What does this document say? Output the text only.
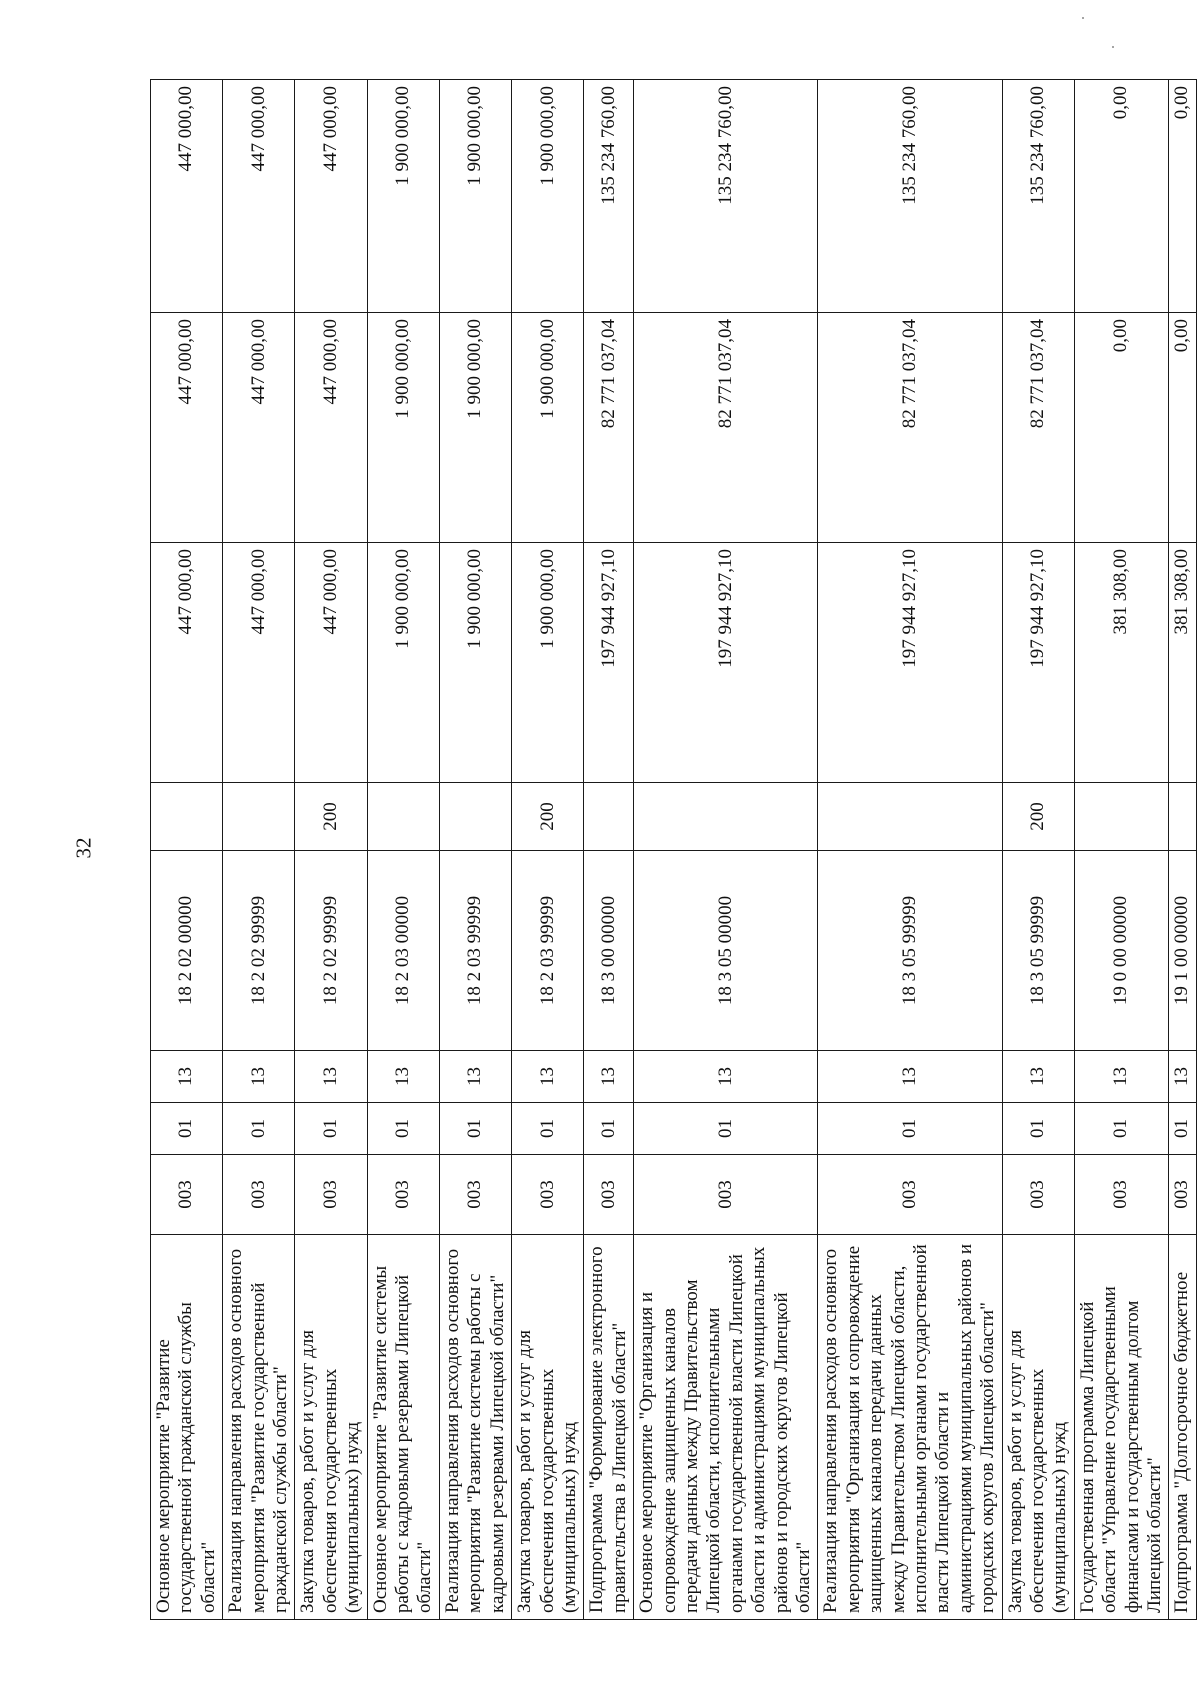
32
Основное мероприятие "Развитие государственной гражданской службы области"	003	01	13	18 2 02 00000		447 000,00	447 000,00	447 000,00
Реализация направления расходов основного мероприятия "Развитие государственной гражданской службы области"	003	01	13	18 2 02 99999		447 000,00	447 000,00	447 000,00
Закупка товаров, работ и услуг для обеспечения государственных (муниципальных) нужд	003	01	13	18 2 02 99999	200	447 000,00	447 000,00	447 000,00
Основное мероприятие "Развитие системы работы с кадровыми резервами Липецкой области"	003	01	13	18 2 03 00000		1 900 000,00	1 900 000,00	1 900 000,00
Реализация направления расходов основного мероприятия "Развитие системы работы с кадровыми резервами Липецкой области"	003	01	13	18 2 03 99999		1 900 000,00	1 900 000,00	1 900 000,00
Закупка товаров, работ и услуг для обеспечения государственных (муниципальных) нужд	003	01	13	18 2 03 99999	200	1 900 000,00	1 900 000,00	1 900 000,00
Подпрограмма "Формирование электронного правительства в Липецкой области"	003	01	13	18 3 00 00000		197 944 927,10	82 771 037,04	135 234 760,00
Основное мероприятие "Организация и сопровождение защищенных каналов передачи данных между Правительством Липецкой области, исполнительными органами государственной власти Липецкой области и администрациями муниципальных районов и городских округов Липецкой области"	003	01	13	18 3 05 00000		197 944 927,10	82 771 037,04	135 234 760,00
Реализация направления расходов основного мероприятия "Организация и сопровождение защищенных каналов передачи данных между Правительством Липецкой области, исполнительными органами государственной власти Липецкой области и администрациями муниципальных районов и городских округов Липецкой области"	003	01	13	18 3 05 99999		197 944 927,10	82 771 037,04	135 234 760,00
Закупка товаров, работ и услуг для обеспечения государственных (муниципальных) нужд	003	01	13	18 3 05 99999	200	197 944 927,10	82 771 037,04	135 234 760,00
Государственная программа Липецкой области "Управление государственными финансами и государственным долгом Липецкой области"	003	01	13	19 0 00 00000		381 308,00	0,00	0,00
Подпрограмма "Долгосрочное бюджетное	003	01	13	19 1 00 00000		381 308,00	0,00	0,00
